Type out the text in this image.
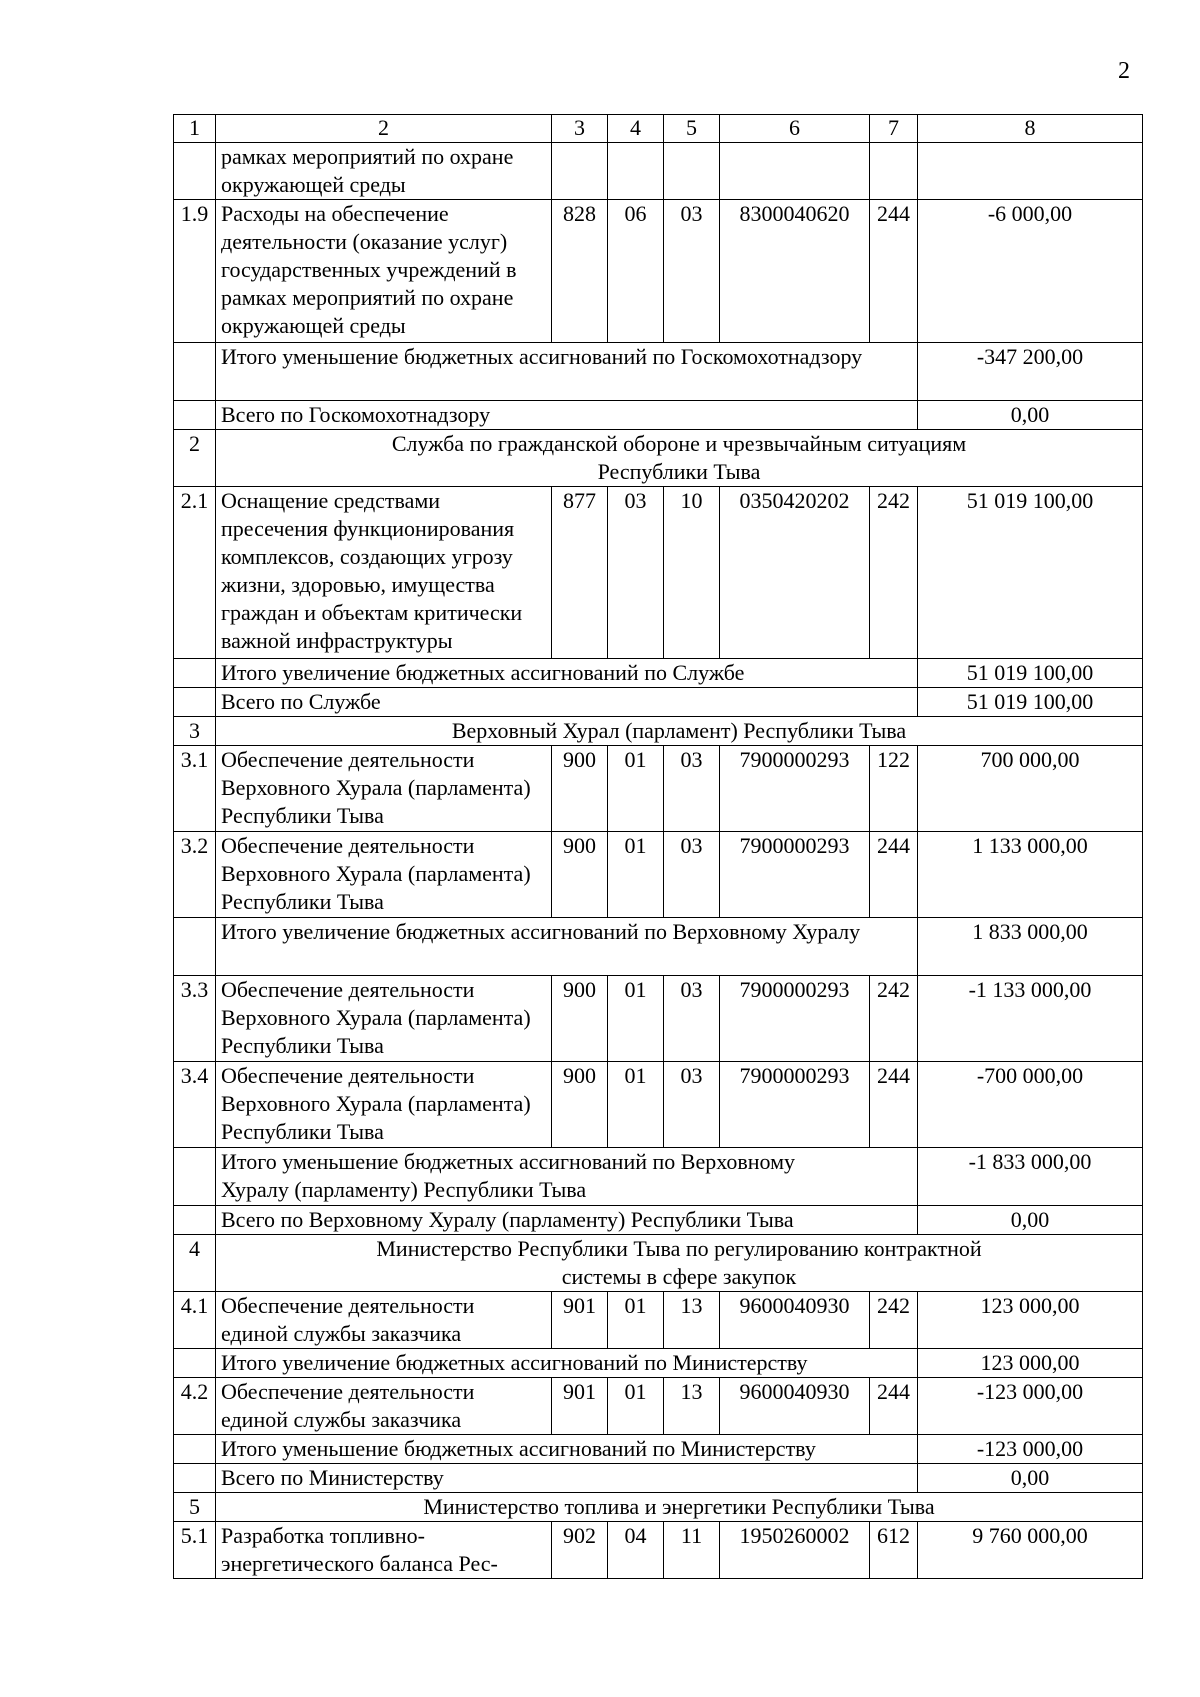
2
1	2	3	4	5	6	7	8
	рамках мероприятий по охране окружающей среды						
1.9	Расходы на обеспечение деятельности (оказание услуг) государственных учреждений в рамках мероприятий по охране окружающей среды	828	06	03	8300040620	244	-6 000,00
	Итого уменьшение бюджетных ассигнований по Госкомохотнадзору						-347 200,00
	Всего по Госкомохотнадзору						0,00
2	Служба по гражданской обороне и чрезвычайным ситуациям Республики Тыва						

2.1	Оснащение средствами пресечения функционирования комплексов, создающих угрозу жизни, здоровью, имущества граждан и объектам критически важной инфраструктуры	877	03	10	0350420202	242	51 019 100,00
	Итого увеличение бюджетных ассигнований по Службе						51 019 100,00
	Всего по Службе						51 019 100,00
3	Верховный Хурал (парламент) Республики Тыва						
3.1	Обеспечение деятельности Верховного Хурала (парламента) Республики Тыва	900	01	03	7900000293	122	700 000,00
3.2	Обеспечение деятельности Верховного Хурала (парламента) Республики Тыва	900	01	03	7900000293	244	1 133 000,00
	Итого увеличение бюджетных ассигнований по Верховному Хуралу						1 833 000,00
3.3	Обеспечение деятельности Верховного Хурала (парламента) Республики Тыва	900	01	03	7900000293	242	-1 133 000,00
3.4	Обеспечение деятельности Верховного Хурала (парламента) Республики Тыва	900	01	03	7900000293	244	-700 000,00

	Итого уменьшение бюджетных ассигнований по Верховному Хуралу (парламенту) Республики Тыва						-1 833 000,00
	Всего по Верховному Хуралу (парламенту) Республики Тыва						0,00
4	Министерство Республики Тыва по регулированию контрактной системы в сфере закупок						

4.1	Обеспечение деятельности единой службы заказчика	901	01	13	9600040930	242	123 000,00
	Итого увеличение бюджетных ассигнований по Министерству						123 000,00
4.2	Обеспечение деятельности единой службы заказчика	901	01	13	9600040930	244	-123 000,00
	Итого уменьшение бюджетных ассигнований по Министерству						-123 000,00
	Всего по Министерству						0,00
5	Министерство топлива и энергетики Республики Тыва						
5.1	Разработка топливно-энергетического баланса Рес-	902	04	11	1950260002	612	9 760 000,00
